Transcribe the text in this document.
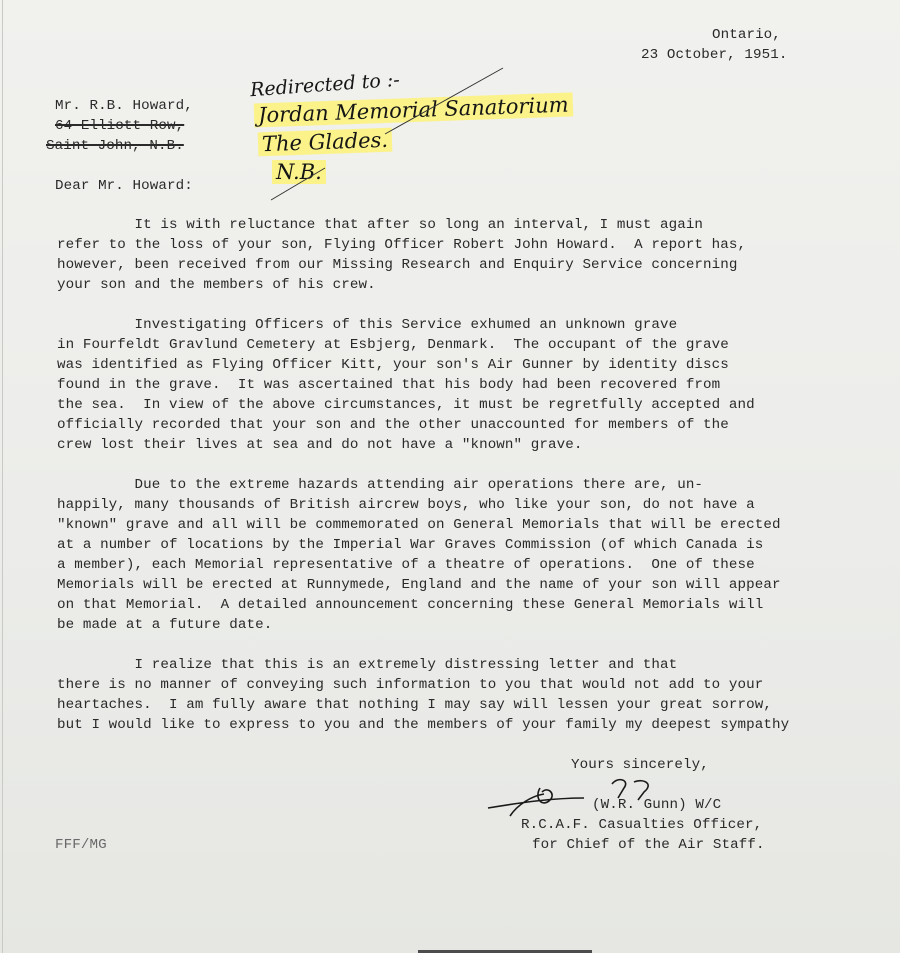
Ontario,
23 October, 1951.
Mr. R.B. Howard,
64 Elliott Row,
Saint John, N.B.
Redirected to :-
Jordan Memorial Sanatorium
The Glades.
N.B.
Dear Mr. Howard:
It is with reluctance that after so long an interval, I must again
refer to the loss of your son, Flying Officer Robert John Howard.  A report has,
however, been received from our Missing Research and Enquiry Service concerning
your son and the members of his crew.
Investigating Officers of this Service exhumed an unknown grave
in Fourfeldt Gravlund Cemetery at Esbjerg, Denmark.  The occupant of the grave
was identified as Flying Officer Kitt, your son's Air Gunner by identity discs
found in the grave.  It was ascertained that his body had been recovered from
the sea.  In view of the above circumstances, it must be regretfully accepted and
officially recorded that your son and the other unaccounted for members of the
crew lost their lives at sea and do not have a "known" grave.
Due to the extreme hazards attending air operations there are, un-
happily, many thousands of British aircrew boys, who like your son, do not have a
"known" grave and all will be commemorated on General Memorials that will be erected
at a number of locations by the Imperial War Graves Commission (of which Canada is
a member), each Memorial representative of a theatre of operations.  One of these
Memorials will be erected at Runnymede, England and the name of your son will appear
on that Memorial.  A detailed announcement concerning these General Memorials will
be made at a future date.
I realize that this is an extremely distressing letter and that
there is no manner of conveying such information to you that would not add to your
heartaches.  I am fully aware that nothing I may say will lessen your great sorrow,
but I would like to express to you and the members of your family my deepest sympathy
Yours sincerely,
(W.R. Gunn) W/C
R.C.A.F. Casualties Officer,
for Chief of the Air Staff.
FFF/MG
